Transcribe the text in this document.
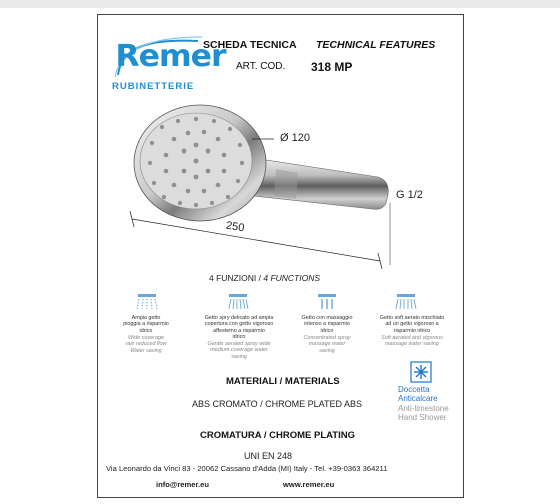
Remer
RUBINETTERIE
SCHEDA TECNICA TECHNICAL FEATURES
ART. COD. 318 MP
Ø 120
250
G 1/2
4 FUNZIONI / 4 FUNCTIONS
Ampia getto
pioggia a risparmio
idrico
Wide coverage
rain reduced flow
Water saving
Getto spry delicato ad ampia
copertura con getto vigoroso
affestemo a risparmio
idrico
Gentle aerated spray wide
medium coverage water
saving
Getto con massaggio
intenso a risparmio
idrico
Concentrated spray
massage water
saving
Getto soft aerato mischiato
ad un getto vigoroso a
risparmio idrico
Soft aerated and vigorous
massage water saving
MATERIALI / MATERIALS
ABS CROMATO / CHROME PLATED ABS
CROMATURA / CHROME PLATING
UNI EN 248
Doccetta
Anticalcare
Anti-limestone
Hand Shower
Via Leonardo da Vinci 83 - 20062 Cassano d'Adda (MI) Italy - Tel. +39-0363 364211
info@remer.eu	www.remer.eu
